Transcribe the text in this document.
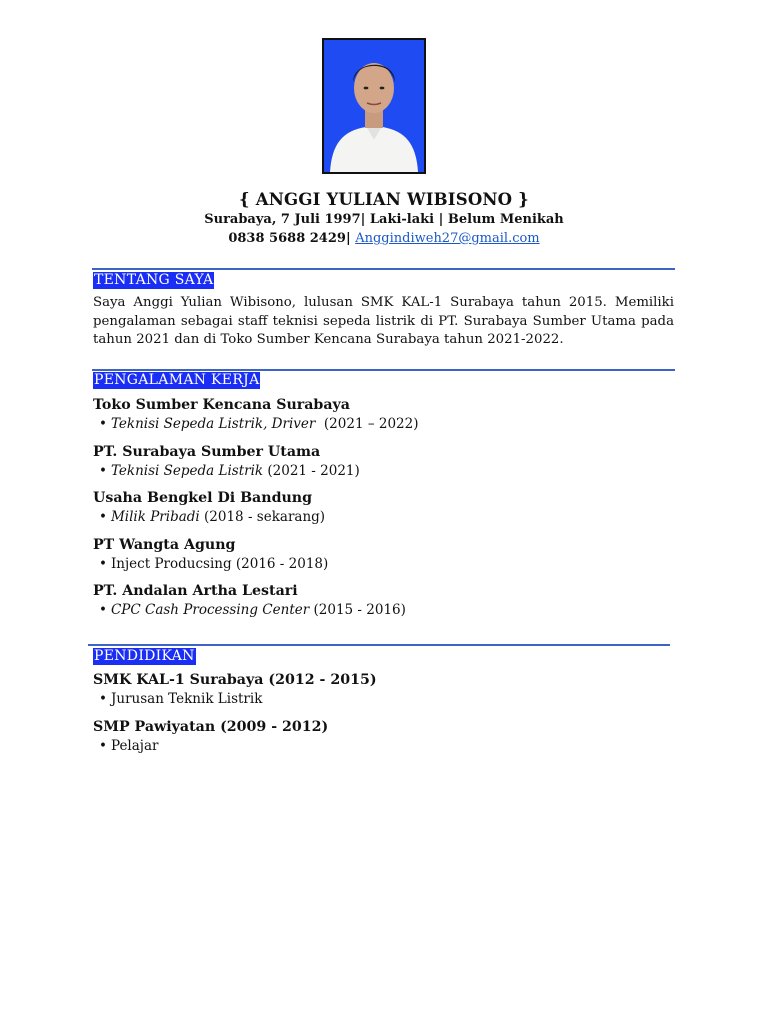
{ ANGGI YULIAN WIBISONO }
Surabaya, 7 Juli 1997| Laki-laki | Belum Menikah
0838 5688 2429| Anggindiweh27@gmail.com
TENTANG SAYA
Saya Anggi Yulian Wibisono, lulusan SMK KAL-1 Surabaya tahun 2015. Memiliki pengalaman sebagai staff teknisi sepeda listrik di PT. Surabaya Sumber Utama pada tahun 2021 dan di Toko Sumber Kencana Surabaya tahun 2021-2022.
PENGALAMAN KERJA
Toko Sumber Kencana Surabaya
• Teknisi Sepeda Listrik, Driver  (2021 – 2022)
PT. Surabaya Sumber Utama
• Teknisi Sepeda Listrik (2021 - 2021)
Usaha Bengkel Di Bandung
• Milik Pribadi (2018 - sekarang)
PT Wangta Agung
• Inject Producsing (2016 - 2018)
PT. Andalan Artha Lestari
• CPC Cash Processing Center (2015 - 2016)
PENDIDIKAN
SMK KAL-1 Surabaya (2012 - 2015)
• Jurusan Teknik Listrik
SMP Pawiyatan (2009 - 2012)
• Pelajar
